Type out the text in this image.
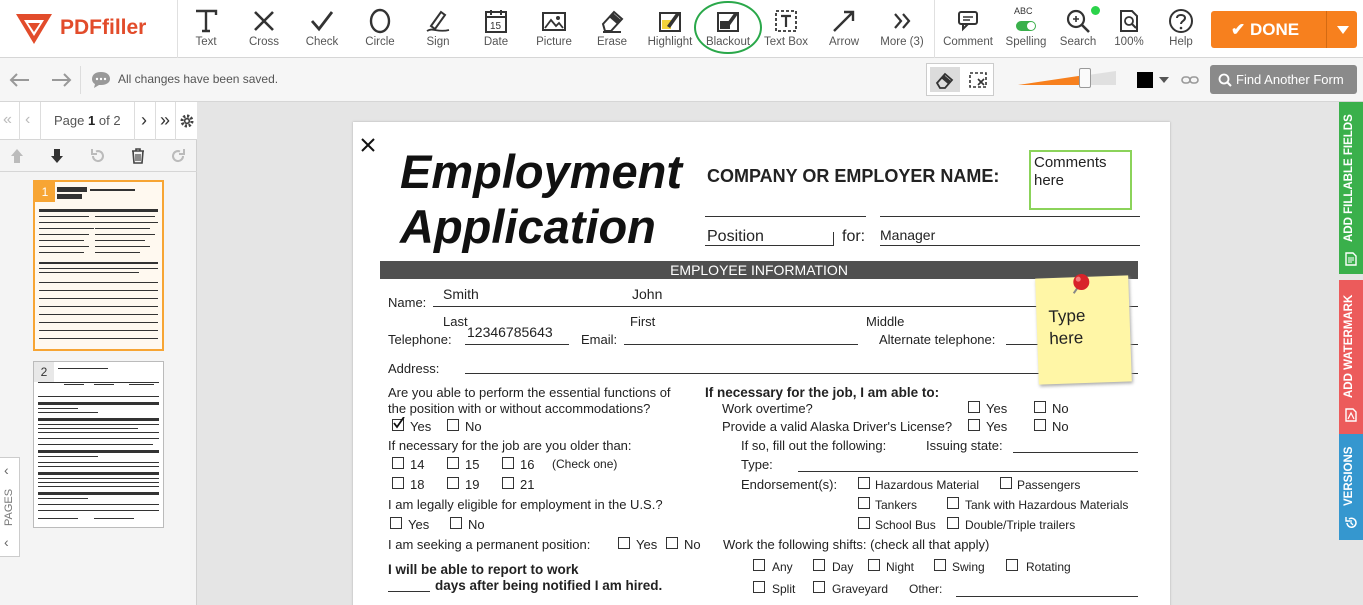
PDFfiller
Text	Cross	Check	Circle	Sign
15
Date	Picture	Erase	Highlight	Blackout	Text Box	Arrow	More (3)	Comment
ABC
Spelling	Search	100%	Help
✔ DONE
All changes have been saved.	Find Another Form
« ‹ Page 1 of 2 › »
1
2
‹
PAGES
‹
Employment
Application
COMPANY OR EMPLOYER NAME:
Comments here
Position	for: Manager
EMPLOYEE INFORMATION
Name:
Smith	John
Last	First	Middle
Telephone: 12346785643 Email:	Alternate telephone:
Address:
Type here
Are you able to perform the essential functions of
the position with or without accommodations?
Yes	No
If necessary for the job are you older than:
14	15	16 (Check one)
18	19	21
I am legally eligible for employment in the U.S.?
Yes	No
I am seeking a permanent position:	Yes No
I will be able to report to work
days after being notified I am hired.
If necessary for the job, I am able to:
Work overtime?	Yes	No
Provide a valid Alaska Driver's License?	Yes	No
If so, fill out the following:	Issuing state:
Type:
Endorsement(s):	Hazardous Material	Passengers
Tankers	Tank with Hazardous Materials
School Bus Double/Triple trailers
Work the following shifts: (check all that apply)
Any	Day	Night	Swing	Rotating
Split	Graveyard Other:
ADD FILLABLE FIELDS
ADD WATERMARK
VERSIONS
